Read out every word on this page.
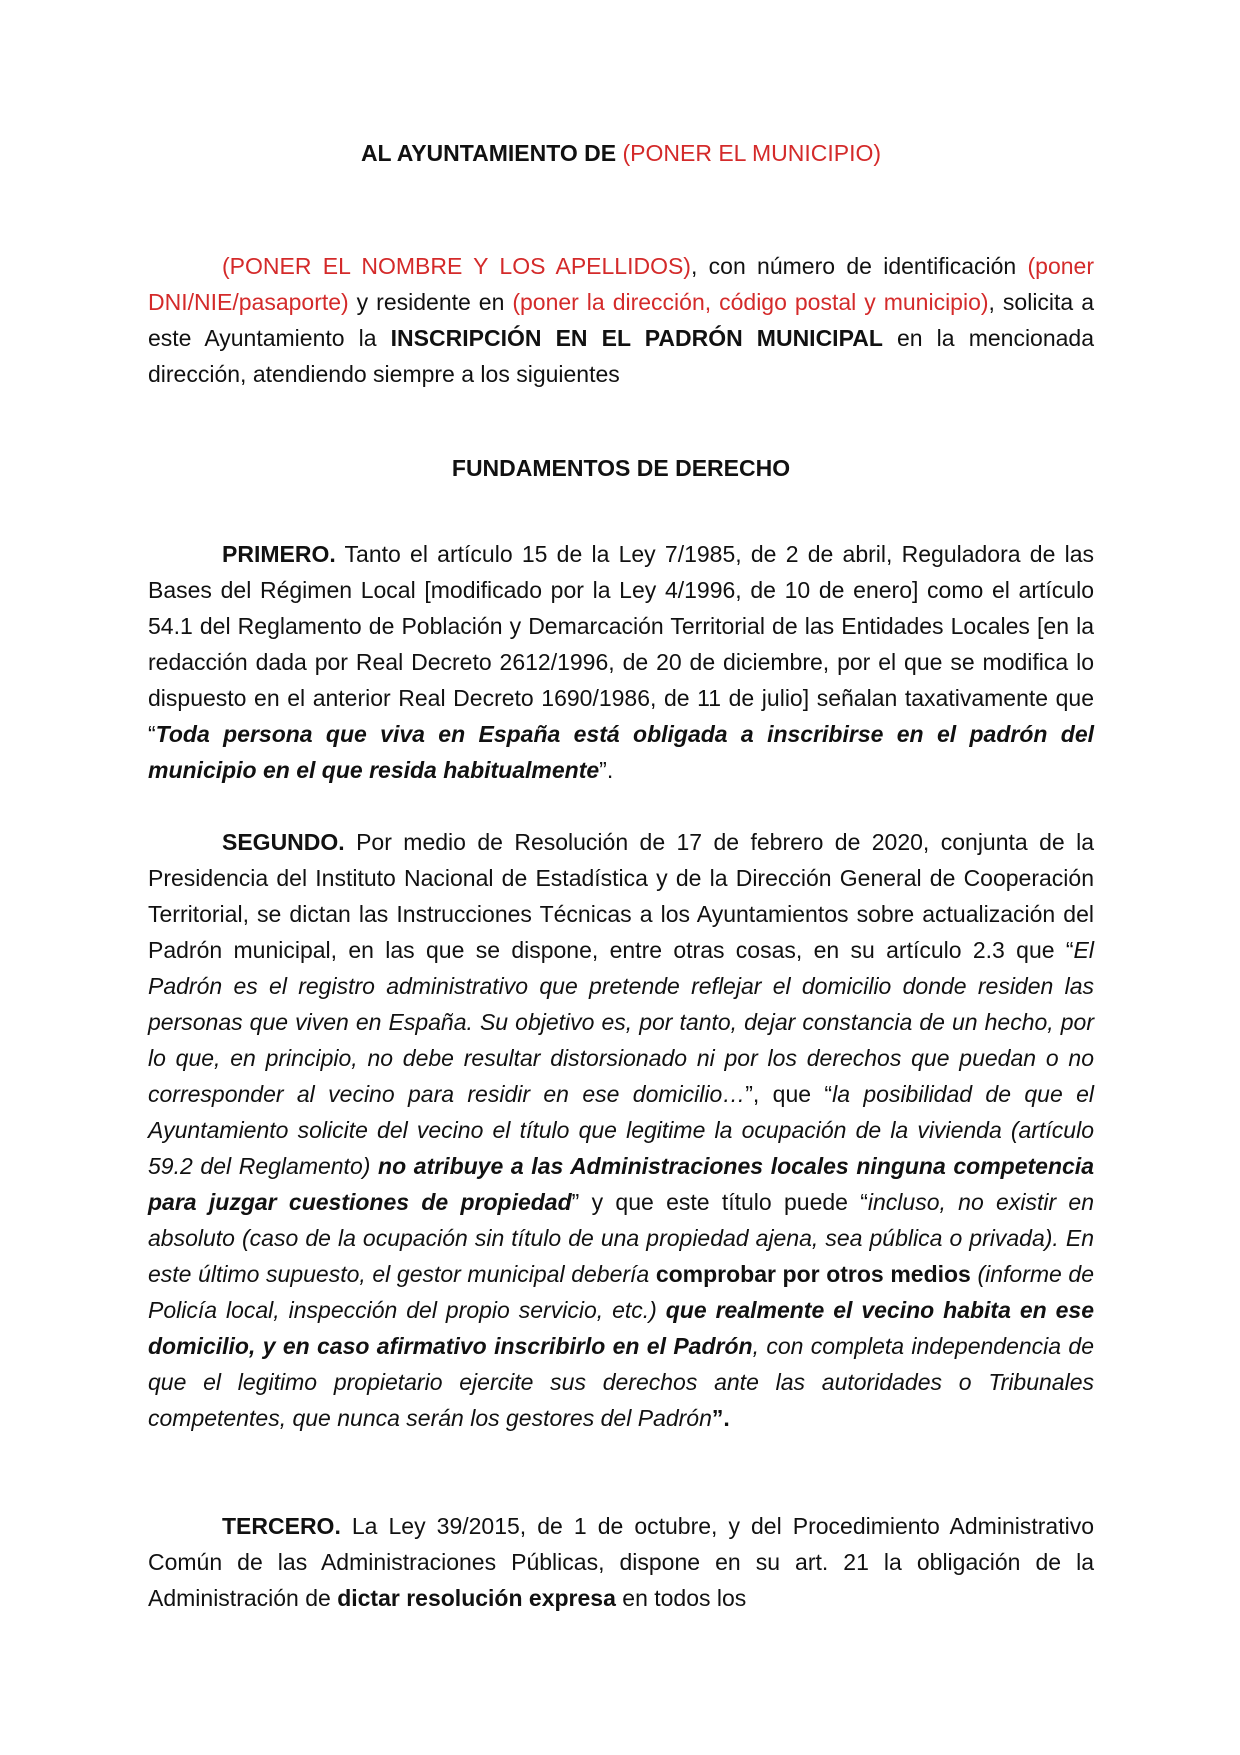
AL AYUNTAMIENTO DE (PONER EL MUNICIPIO)

(PONER EL NOMBRE Y LOS APELLIDOS), con número de identificación (poner DNI/NIE/pasaporte) y residente en (poner la dirección, código postal y municipio), solicita a este Ayuntamiento la INSCRIPCIÓN EN EL PADRÓN MUNICIPAL en la mencionada dirección, atendiendo siempre a los siguientes

FUNDAMENTOS DE DERECHO

PRIMERO. Tanto el artículo 15 de la Ley 7/1985, de 2 de abril, Reguladora de las Bases del Régimen Local [modificado por la Ley 4/1996, de 10 de enero] como el artículo 54.1 del Reglamento de Población y Demarcación Territorial de las Entidades Locales [en la redacción dada por Real Decreto 2612/1996, de 20 de diciembre, por el que se modifica lo dispuesto en el anterior Real Decreto 1690/1986, de 11 de julio] señalan taxativamente que “Toda persona que viva en España está obligada a inscribirse en el padrón del municipio en el que resida habitualmente”.

SEGUNDO. Por medio de Resolución de 17 de febrero de 2020, conjunta de la Presidencia del Instituto Nacional de Estadística y de la Dirección General de Cooperación Territorial, se dictan las Instrucciones Técnicas a los Ayuntamientos sobre actualización del Padrón municipal, en las que se dispone, entre otras cosas, en su artículo 2.3 que “El Padrón es el registro administrativo que pretende reflejar el domicilio donde residen las personas que viven en España. Su objetivo es, por tanto, dejar constancia de un hecho, por lo que, en principio, no debe resultar distorsionado ni por los derechos que puedan o no corresponder al vecino para residir en ese domicilio…”, que “la posibilidad de que el Ayuntamiento solicite del vecino el título que legitime la ocupación de la vivienda (artículo 59.2 del Reglamento) no atribuye a las Administraciones locales ninguna competencia para juzgar cuestiones de propiedad” y que este título puede “incluso, no existir en absoluto (caso de la ocupación sin título de una propiedad ajena, sea pública o privada). En este último supuesto, el gestor municipal debería comprobar por otros medios (informe de Policía local, inspección del propio servicio, etc.) que realmente el vecino habita en ese domicilio, y en caso afirmativo inscribirlo en el Padrón, con completa independencia de que el legitimo propietario ejercite sus derechos ante las autoridades o Tribunales competentes, que nunca serán los gestores del Padrón”.

TERCERO. La Ley 39/2015, de 1 de octubre, y del Procedimiento Administrativo Común de las Administraciones Públicas, dispone en su art. 21 la obligación de la Administración de dictar resolución expresa en todos los
